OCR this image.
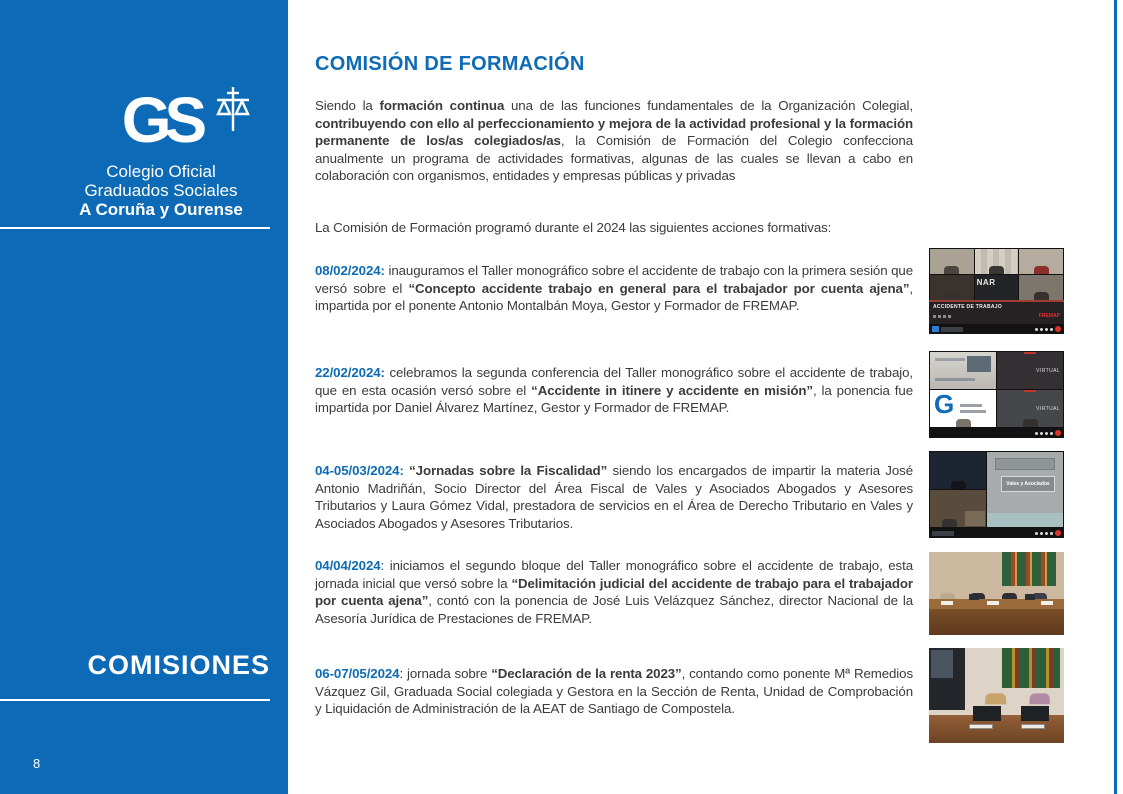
GS
Colegio Oficial
Graduados Sociales
A Coruña y Ourense
COMISIONES
8
COMISIÓN DE FORMACIÓN

Siendo la formación continua una de las funciones fundamentales de la Organización Colegial, contribuyendo con ello al perfeccionamiento y mejora de la actividad profesional y la formación permanente de los/as colegiados/as, la Comisión de Formación del Colegio confecciona anualmente un programa de actividades formativas, algunas de las cuales se llevan a cabo en colaboración con organismos, entidades y empresas públicas y privadas

La Comisión de Formación programó durante el 2024 las siguientes acciones formativas:

08/02/2024: inauguramos el Taller monográfico sobre el accidente de trabajo con la primera sesión que versó sobre el “Concepto accidente trabajo en general para el trabajador por cuenta ajena”, impartida por el ponente Antonio Montalbán Moya, Gestor y Formador de FREMAP.

22/02/2024: celebramos la segunda conferencia del Taller monográfico sobre el accidente de trabajo, que en esta ocasión versó sobre el “Accidente in itinere y accidente en misión”, la ponencia fue impartida por Daniel Álvarez Martínez, Gestor y Formador de FREMAP.

04-05/03/2024: “Jornadas sobre la Fiscalidad” siendo los encargados de impartir la materia José Antonio Madriñán, Socio Director del Área Fiscal de Vales y Asociados Abogados y Asesores Tributarios y Laura Gómez Vidal, prestadora de servicios en el Área de Derecho Tributario en Vales y Asociados Abogados y Asesores Tributarios.

04/04/2024: iniciamos el segundo bloque del Taller monográfico sobre el accidente de trabajo, esta jornada inicial que versó sobre la “Delimitación judicial del accidente de trabajo para el trabajador por cuenta ajena”, contó con la ponencia de José Luis Velázquez Sánchez, director Nacional de la Asesoría Jurídica de Prestaciones de FREMAP.

06-07/05/2024: jornada sobre “Declaración de la renta 2023”, contando como ponente Mª Remedios Vázquez Gil, Graduada Social colegiada y Gestora en la Sección de Renta, Unidad de Comprobación y Liquidación de Administración de la AEAT de Santiago de Compostela.

NAR
ACCIDENTE DE TRABAJO
FREMAP
VIRTUAL
G	VIRTUAL
Vales y Asociados
